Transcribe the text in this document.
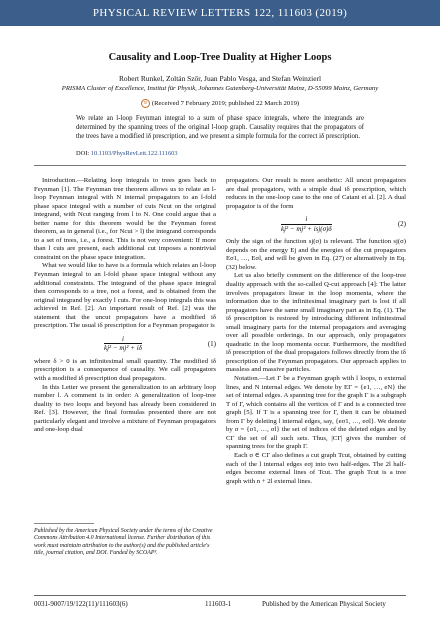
PHYSICAL REVIEW LETTERS 122, 111603 (2019)
Causality and Loop-Tree Duality at Higher Loops
Robert Runkel, Zoltán Szőr, Juan Pablo Vesga, and Stefan Weinzierl
PRISMA Cluster of Excellence, Institut für Physik, Johannes Gutenberg-Universität Mainz, D-55099 Mainz, Germany
⊙ (Received 7 February 2019; published 22 March 2019)
We relate an l-loop Feynman integral to a sum of phase space integrals, where the integrands are determined by the spanning trees of the original l-loop graph. Causality requires that the propagators of the trees have a modified iδ prescription, and we present a simple formula for the correct iδ prescription.
DOI: 10.1103/PhysRevLett.122.111603

Introduction.—Relating loop integrals to trees goes back to Feynman [1]. The Feynman tree theorem allows us to relate an l-loop Feynman integral with N internal propagators to an l-fold phase space integral with a number of cuts Ncut on the original integrand, with Ncut ranging from l to N. One could argue that a better name for this theorem would be the Feynman forest theorem, as in general (i.e., for Ncut > l) the integrand corresponds to a set of trees, i.e., a forest. This is not very convenient: If more than l cuts are present, each additional cut imposes a nontrivial constraint on the phase space integration.

What we would like to have is a formula which relates an l-loop Feynman integral to an l-fold phase space integral without any additional constraints. The integrand of the phase space integral then corresponds to a tree, not a forest, and is obtained from the original integrand by exactly l cuts. For one-loop integrals this was achieved in Ref. [2]. An important result of Ref. [2] was the statement that the uncut propagators have a modified iδ prescription. The usual iδ prescription for a Feynman propagator is

$\frac{i}{\text{kj² − mj² + iδ}}$	(1)

where δ > 0 is an infinitesimal small quantity. The modified iδ prescription is a consequence of causality. We call propagators with a modified iδ prescription dual propagators.

In this Letter we present the generalization to an arbitrary loop number l. A comment is in order: A generalization of loop-tree duality to two loops and beyond has already been considered in Ref. [3]. However, the final formulas presented there are not particularly elegant and involve a mixture of Feynman propagators and one-loop dual

propagators. Our result is more aesthetic: All uncut propagators are dual propagators, with a simple dual iδ prescription, which reduces in the one-loop case to the one of Catani et al. [2]. A dual propagator is of the form

$\frac{i}{\text{kj² − mj² + isj(σ)δ}}$	(2)

Only the sign of the function sj(σ) is relevant. The function sj(σ) depends on the energy Ej and the energies of the cut propagators Eσ1, …, Eσl, and will be given in Eq. (27) or alternatively in Eq. (32) below.

Let us also briefly comment on the difference of the loop-tree duality approach with the so-called Q-cut approach [4]: The latter involves propagators linear in the loop momenta, where the information due to the infinitesimal imaginary part is lost if all propagators have the same small imaginary part as in Eq. (1). The iδ prescription is restored by introducing different infinitesimal small imaginary parts for the internal propagators and averaging over all possible orderings. In our approach, only propagators quadratic in the loop momenta occur. Furthermore, the modified iδ prescription of the dual propagators follows directly from the iδ prescription of the Feynman propagators. Our approach applies to massless and massive particles.

Notation.—Let Γ be a Feynman graph with l loops, n external lines, and N internal edges. We denote by EΓ = {e1, …, eN} the set of internal edges. A spanning tree for the graph Γ is a subgraph T of Γ, which contains all the vertices of Γ and is a connected tree graph [5]. If T is a spanning tree for Γ, then it can be obtained from Γ by deleting l internal edges, say, {eσ1, …, eσl}. We denote by σ = {σ1, …, σl} the set of indices of the deleted edges and by CΓ the set of all such sets. Thus, |CΓ| gives the number of spanning trees for the graph Γ.

Each σ ∈ CΓ also defines a cut graph Tcut, obtained by cutting each of the l internal edges eσj into two half-edges. The 2l half-edges become external lines of Tcut. The graph Tcut is a tree graph with n + 2l external lines.

Published by the American Physical Society under the terms of the Creative Commons Attribution 4.0 International license. Further distribution of this work must maintain attribution to the author(s) and the published article's title, journal citation, and DOI. Funded by SCOAP³.
0031-9007/19/122(11)/111603(6)	111603-1	Published by the American Physical Society
